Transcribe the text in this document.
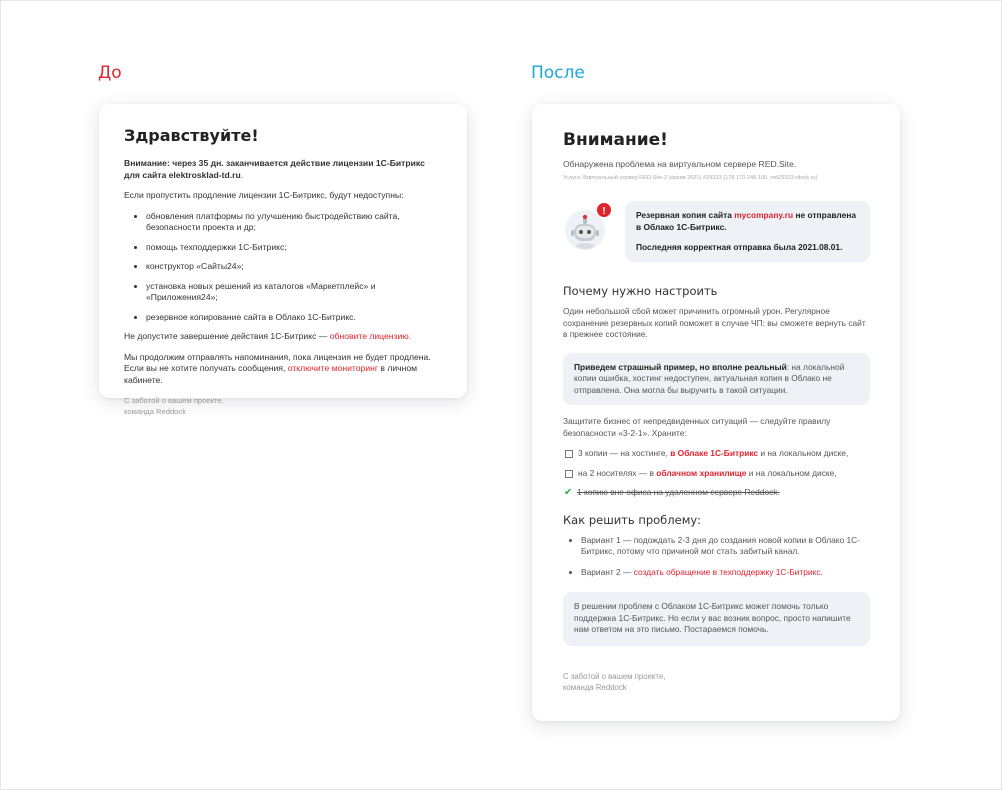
До	После
Здравствуйте!

Внимание: через 35 дн. заканчивается действие лицензии 1С-Битрикс для сайта elektrosklad-td.ru.

Если пропустить продление лицензии 1С-Битрикс, будут недоступны:

• обновления платформы по улучшению быстродействию сайта, безопасности проекта и др;
• помощь техподдержки 1С-Битрикс;
• конструктор «Сайты24»;
• установка новых решений из каталогов «Маркетплейс» и «Приложения24»;
• резервное копирование сайта в Облако 1С-Битрикс.

Не допустите завершение действия 1С-Битрикс — обновите лицензию.

Мы продолжим отправлять напоминания, пока лицензия не будет продлена. Если вы не хотите получать сообщения, отключите мониторинг в личном кабинете.

С заботой о вашем проекте,
команда Reddock
Внимание!
Обнаружена проблема на виртуальном сервере RED.Site.
Услуга: Виртуальный сервер RED.Site-2 (архив 2021) #29323 (178.170.248.106, red29323.rdock.ru)
!	Резервная копия сайта mycompany.ru не отправлена в Облако 1С-Битрикс.

Последняя корректная отправка была 2021.08.01.

Почему нужно настроить

Один небольшой сбой может причинить огромный урон. Регулярное сохранение резервных копий поможет в случае ЧП: вы сможете вернуть сайт в прежнее состояние.

Приведем страшный пример, но вполне реальный: на локальной копии ошибка, хостинг недоступен, актуальная копия в Облако не отправлена. Она могла бы выручить в такой ситуации.

Защитите бизнес от непредвиденных ситуаций — следуйте правилу безопасности «3-2-1». Храните:

3 копии — на хостинге, в Облаке 1С-Битрикс и на локальном диске,
на 2 носителях — в облачном хранилище и на локальном диске,
✔ 1 копию вне офиса на удаленном сервере Reddock.
Как решить проблему:
• Вариант 1 — подождать 2-3 дня до создания новой копии в Облако 1С-Битрикс, потому что причиной мог стать забитый канал.
• Вариант 2 — создать обращение в техподдержку 1С-Битрикс.
В решении проблем с Облаком 1С-Битрикс может помочь только поддержка 1С-Битрикс. Но если у вас возник вопрос, просто напишите нам ответом на это письмо. Постараемся помочь.
С заботой о вашем проекте,
команда Reddock
